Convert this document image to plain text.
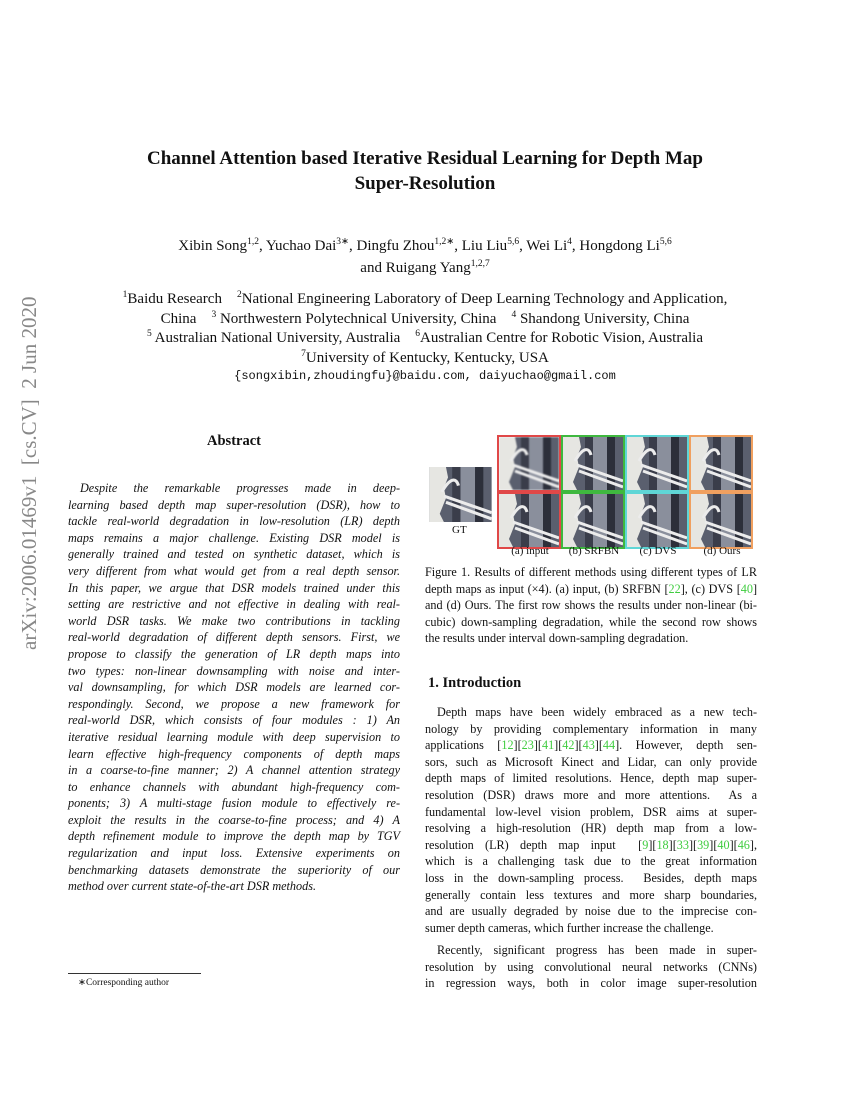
arXiv:2006.01469v1  [cs.CV]  2 Jun 2020
Channel Attention based Iterative Residual Learning for Depth Map
Super-Resolution
Xibin Song$^{1,2}$, Yuchao Dai$^{3∗}$, Dingfu Zhou$^{1,2∗}$, Liu Liu$^{5,6}$, Wei Li$^4$, Hongdong Li$^{5,6}$
and Ruigang Yang$^{1,2,7}$
$^1$Baidu Research $^2$National Engineering Laboratory of Deep Learning Technology and Application,
China $^3$ Northwestern Polytechnical University, China $^4$ Shandong University, China
$^5$ Australian National University, Australia $^6$Australian Centre for Robotic Vision, Australia
$^7$University of Kentucky, Kentucky, USA
{songxibin,zhoudingfu}@baidu.com, daiyuchao@gmail.com
Abstract
Despite the remarkable progresses made in deep-
learning based depth map super-resolution (DSR), how to
tackle real-world degradation in low-resolution (LR) depth
maps remains a major challenge. Existing DSR model is
generally trained and tested on synthetic dataset, which is
very different from what would get from a real depth sensor.
In this paper, we argue that DSR models trained under this
setting are restrictive and not effective in dealing with real-
world DSR tasks. We make two contributions in tackling
real-world degradation of different depth sensors. First, we
propose to classify the generation of LR depth maps into
two types: non-linear downsampling with noise and inter-
val downsampling, for which DSR models are learned cor-
respondingly. Second, we propose a new framework for
real-world DSR, which consists of four modules : 1) An
iterative residual learning module with deep supervision to
learn effective high-frequency components of depth maps
in a coarse-to-fine manner; 2) A channel attention strategy
to enhance channels with abundant high-frequency com-
ponents; 3) A multi-stage fusion module to effectively re-
exploit the results in the coarse-to-fine process; and 4) A
depth refinement module to improve the depth map by TGV
regularization and input loss. Extensive experiments on
benchmarking datasets demonstrate the superiority of our
method over current state-of-the-art DSR methods.
∗Corresponding author
GT
(a) input	(b) SRFBN	(c) DVS	(d) Ours
Figure 1. Results of different methods using different types of LR
depth maps as input (×4). (a) input, (b) SRFBN [22], (c) DVS [40]
and (d) Ours. The first row shows the results under non-linear (bi-
cubic) down-sampling degradation, while the second row shows
the results under interval down-sampling degradation.
1. Introduction
Depth maps have been widely embraced as a new tech-
nology by providing complementary information in many
applications [12][23][41][42][43][44]. However, depth sen-
sors, such as Microsoft Kinect and Lidar, can only provide
depth maps of limited resolutions. Hence, depth map super-
resolution (DSR) draws more and more attentions.  As a
fundamental low-level vision problem, DSR aims at super-
resolving a high-resolution (HR) depth map from a low-
resolution (LR) depth map input  [9][18][33][39][40][46],
which is a challenging task due to the great information
loss in the down-sampling process.  Besides, depth maps
generally contain less textures and more sharp boundaries,
and are usually degraded by noise due to the imprecise con-
sumer depth cameras, which further increase the challenge.
Recently, significant progress has been made in super-
resolution by using convolutional neural networks (CNNs)
in regression ways, both in color image super-resolution
